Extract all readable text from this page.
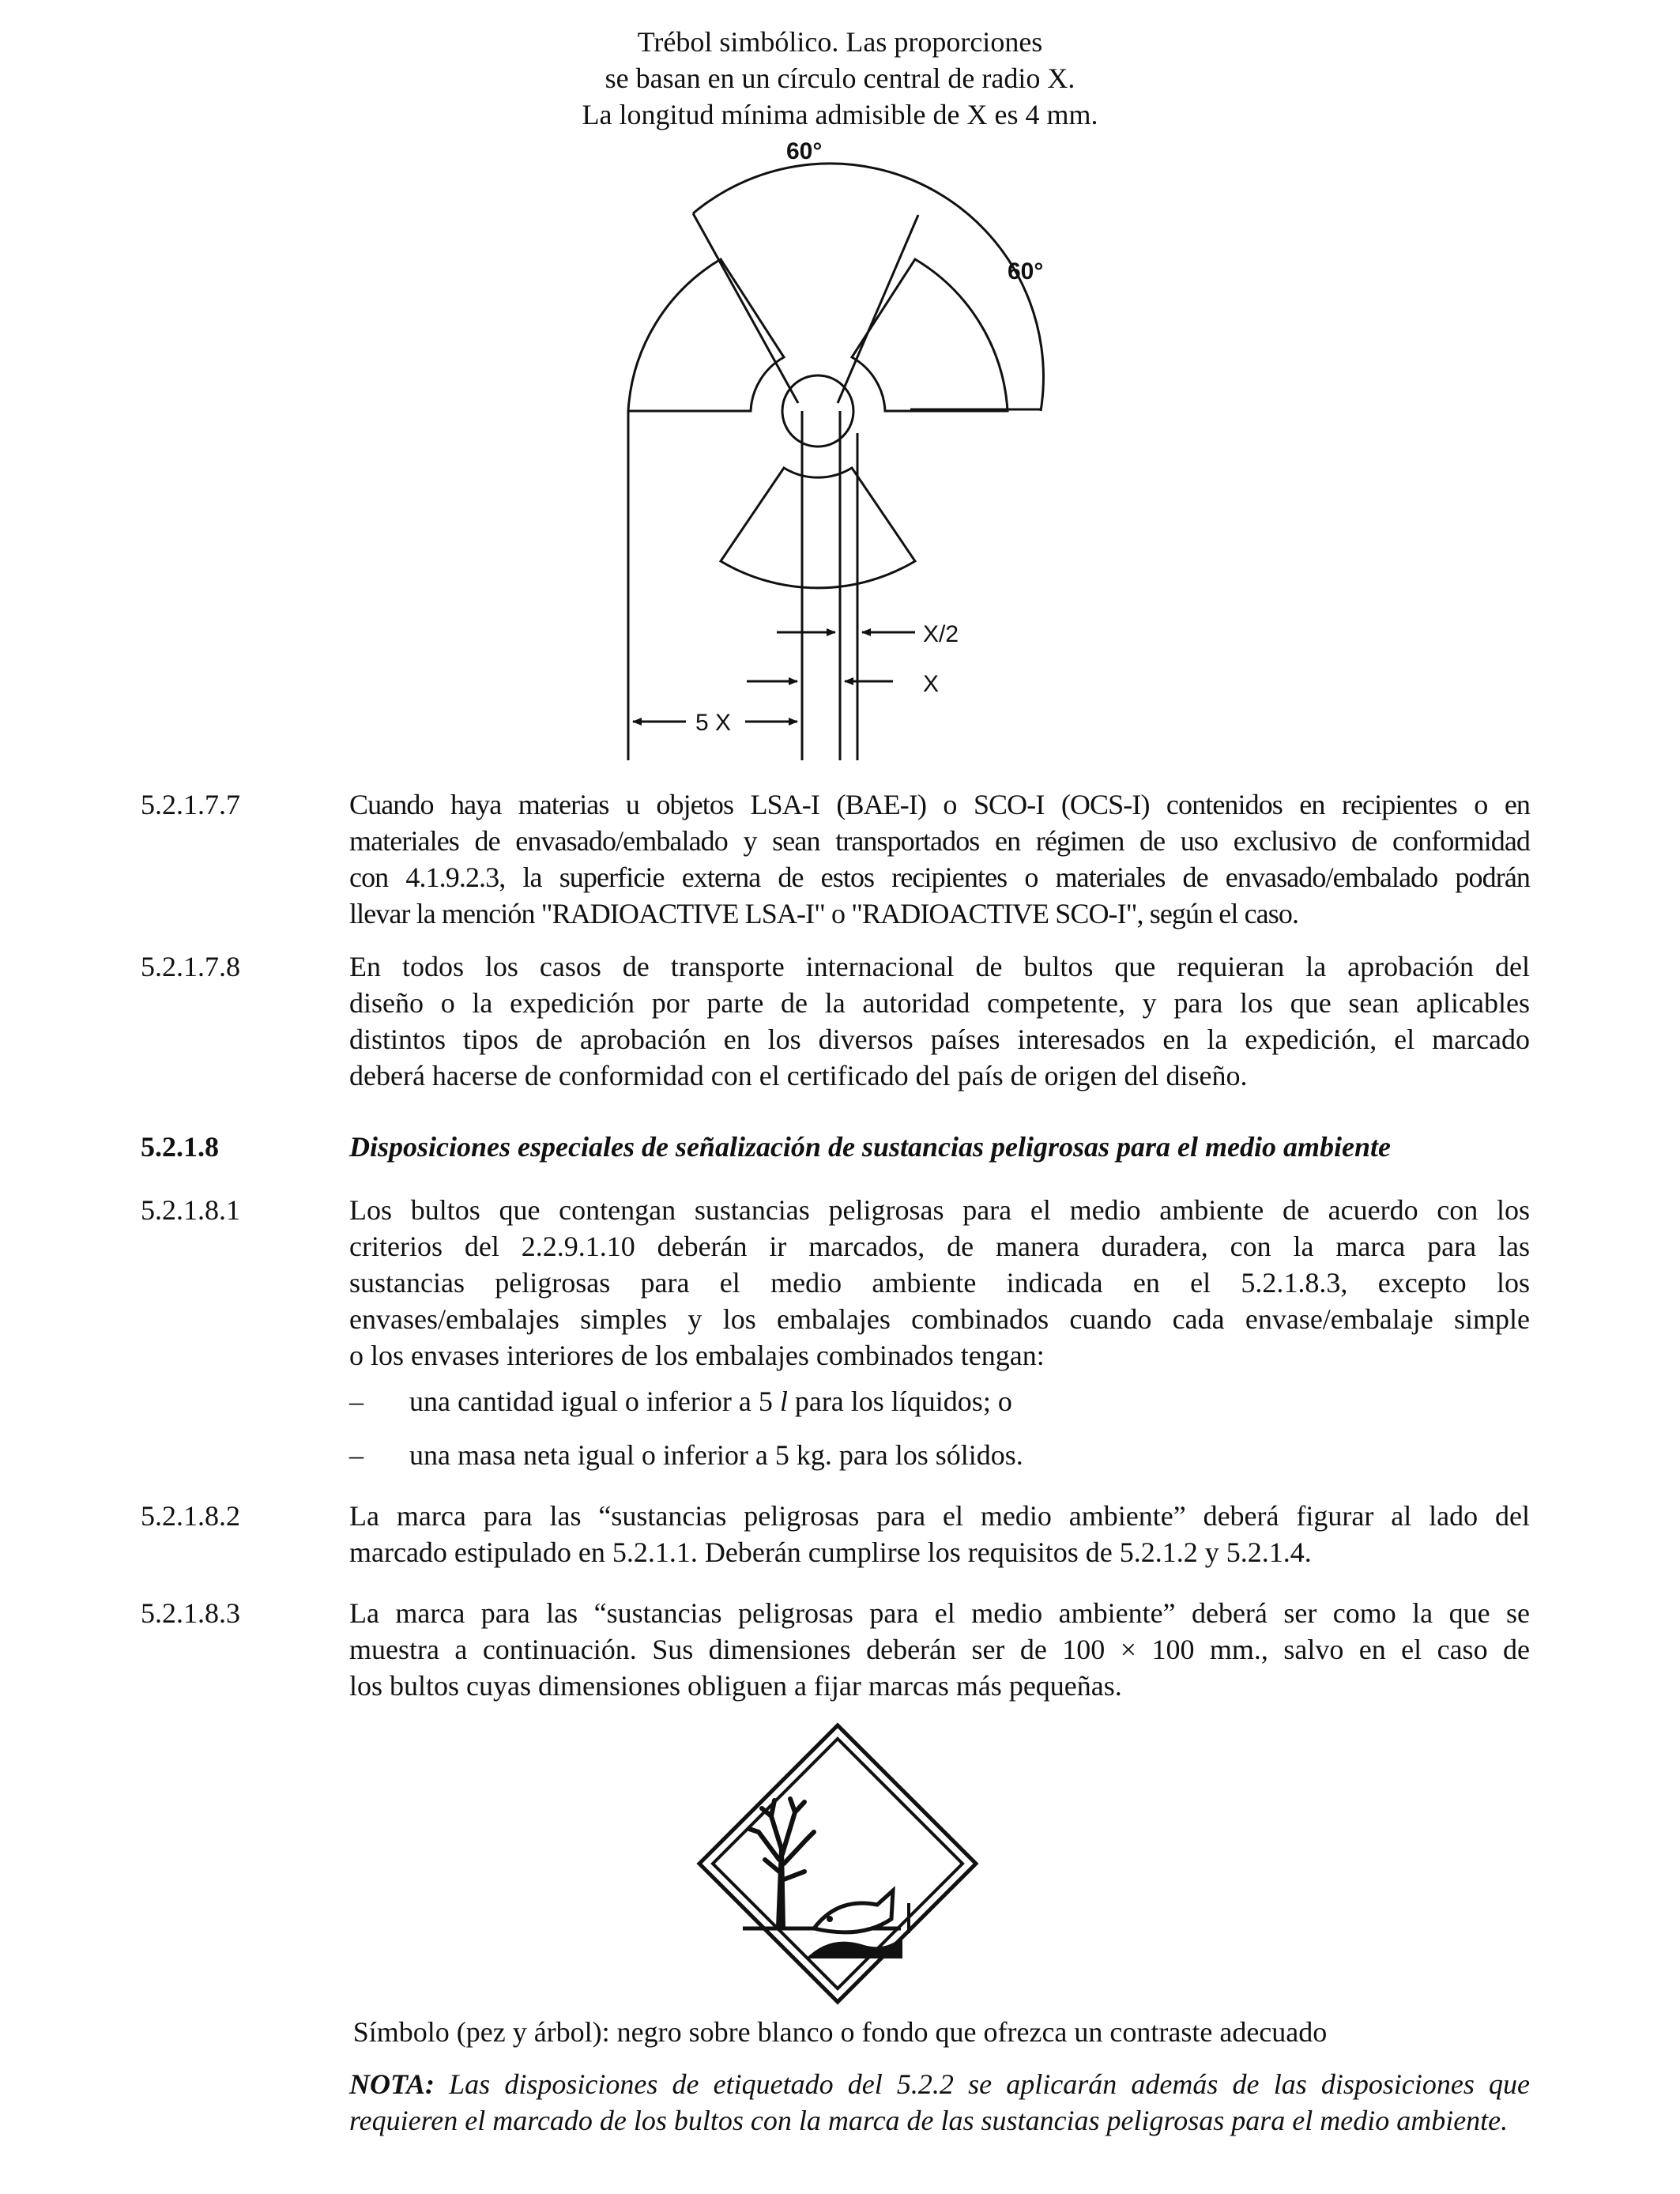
Trébol simbólico. Las proporciones
se basan en un círculo central de radio X.
La longitud mínima admisible de X es 4 mm.
60°
60°
X/2
X
5 X
5.2.1.7.7	Cuando haya materias u objetos LSA-I (BAE-I) o SCO-I (OCS-I) contenidos en recipientes o en
materiales de envasado/embalado y sean transportados en régimen de uso exclusivo de conformidad
con 4.1.9.2.3, la superficie externa de estos recipientes o materiales de envasado/embalado podrán
llevar la mención "RADIOACTIVE LSA-I" o "RADIOACTIVE SCO-I", según el caso.
5.2.1.7.8	En todos los casos de transporte internacional de bultos que requieran la aprobación del
diseño o la expedición por parte de la autoridad competente, y para los que sean aplicables
distintos tipos de aprobación en los diversos países interesados en la expedición, el marcado
deberá hacerse de conformidad con el certificado del país de origen del diseño.
5.2.1.8	Disposiciones especiales de señalización de sustancias peligrosas para el medio ambiente
5.2.1.8.1	Los bultos que contengan sustancias peligrosas para el medio ambiente de acuerdo con los
criterios del 2.2.9.1.10 deberán ir marcados, de manera duradera, con la marca para las
sustancias peligrosas para el medio ambiente indicada en el 5.2.1.8.3, excepto los
envases/embalajes simples y los embalajes combinados cuando cada envase/embalaje simple
o los envases interiores de los embalajes combinados tengan:
– una cantidad igual o inferior a 5 l para los líquidos; o
– una masa neta igual o inferior a 5 kg. para los sólidos.
5.2.1.8.2	La marca para las “sustancias peligrosas para el medio ambiente” deberá figurar al lado del
marcado estipulado en 5.2.1.1. Deberán cumplirse los requisitos de 5.2.1.2 y 5.2.1.4.
5.2.1.8.3	La marca para las “sustancias peligrosas para el medio ambiente” deberá ser como la que se
muestra a continuación. Sus dimensiones deberán ser de 100 × 100 mm., salvo en el caso de
los bultos cuyas dimensiones obliguen a fijar marcas más pequeñas.
Símbolo (pez y árbol): negro sobre blanco o fondo que ofrezca un contraste adecuado
NOTA: Las disposiciones de etiquetado del 5.2.2 se aplicarán además de las disposiciones que
requieren el marcado de los bultos con la marca de las sustancias peligrosas para el medio ambiente.
